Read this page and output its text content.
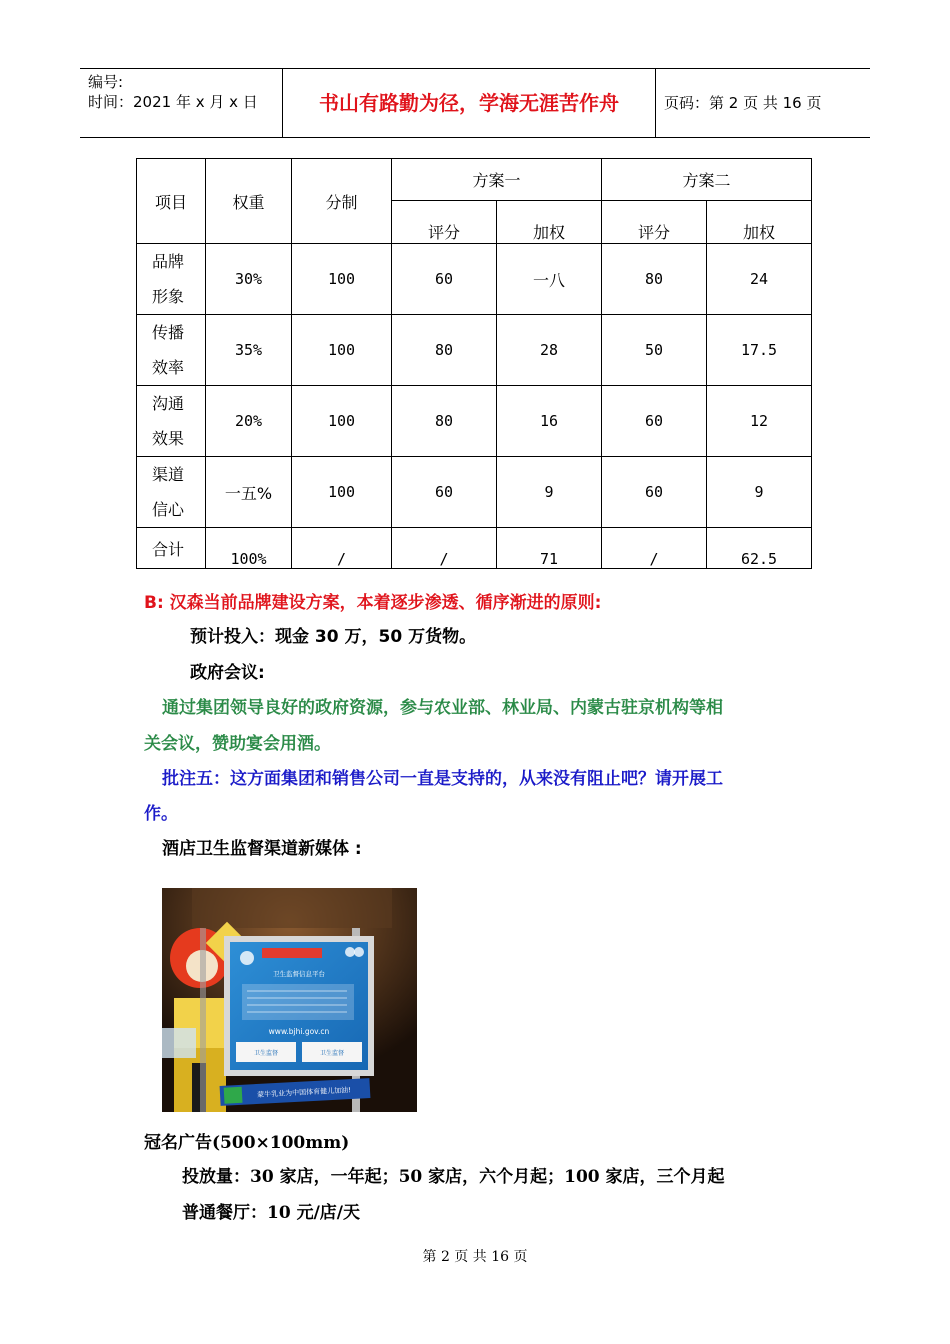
编号:
时间：2021 年 x 月 x 日	书山有路勤为径，学海无涯苦作舟	页码：第 2 页 共 16 页
项目	权重	分制	方案一		方案二	
			评分	加权	评分	加权
品牌
形象	30%	100	60	一八	80	24
传播
效率	35%	100	80	28	50	17.5
沟通
效果	20%	100	80	16	60	12
渠道
信心	一五%	100	60	9	60	9
合计	100%	/	/	71	/	62.5
B: 汉森当前品牌建设方案，本着逐步渗透、循序渐进的原则:
预计投入：现金 30 万，50 万货物。
政府会议:
通过集团领导良好的政府资源，参与农业部、林业局、内蒙古驻京机构等相
关会议，赞助宴会用酒。
批注五：这方面集团和销售公司一直是支持的，从来没有阻止吧？请开展工
作。
酒店卫生监督渠道新媒体 :
卫生监督信息平台
www.bjhi.gov.cn
卫生监督	卫生监督
蒙牛乳业为中国体育健儿加油!
冠名广告(500×100mm)
投放量：30 家店，一年起；50 家店，六个月起；100 家店，三个月起
普通餐厅：10 元/店/天
第 2 页 共 16 页
